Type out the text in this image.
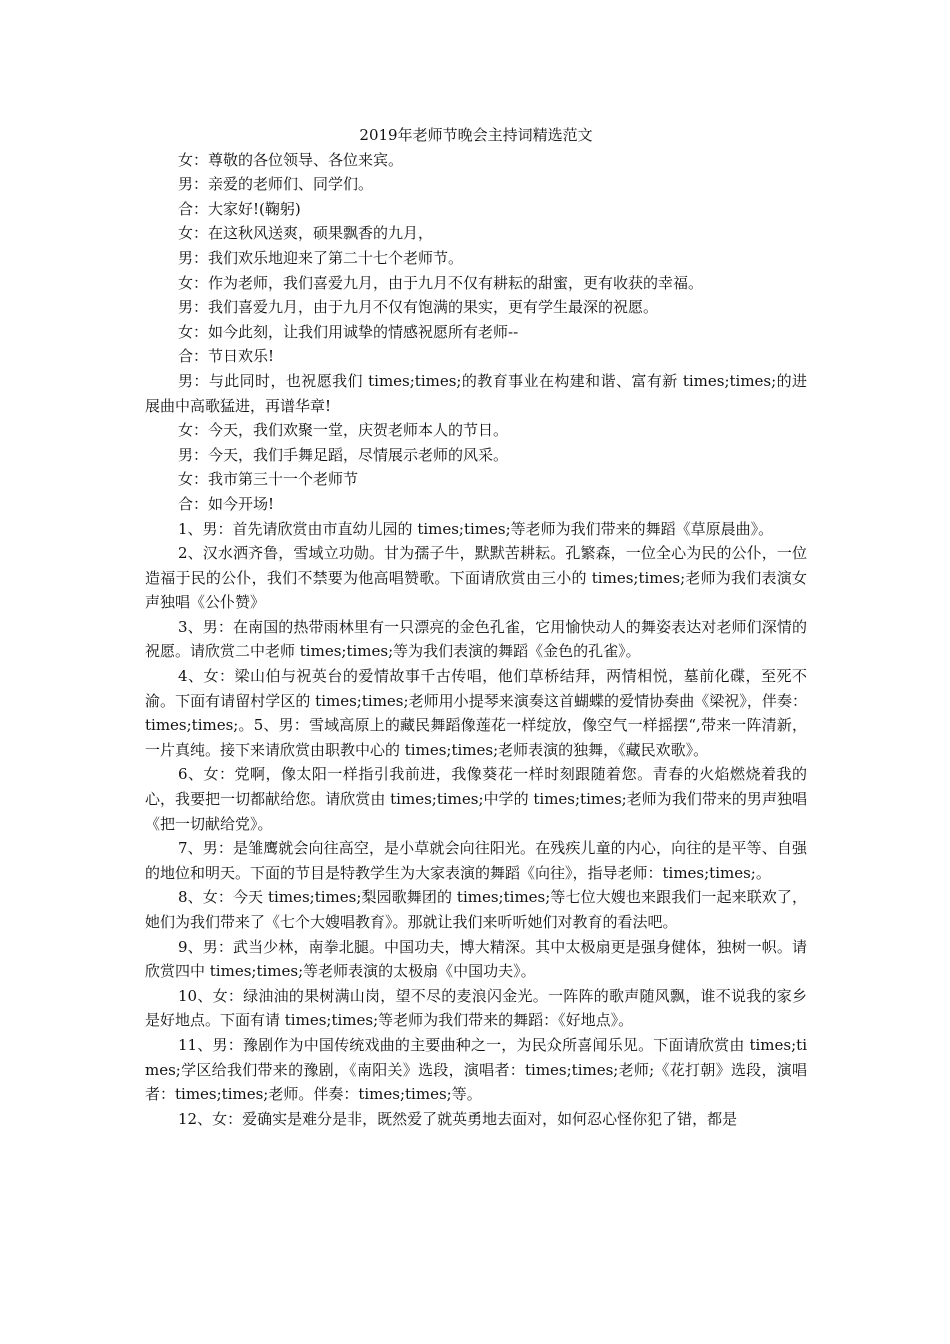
2019年老师节晚会主持词精选范文

女：尊敬的各位领导、各位来宾。

男：亲爱的老师们、同学们。

合：大家好!(鞠躬)

女：在这秋风送爽，硕果飘香的九月，

男：我们欢乐地迎来了第二十七个老师节。

女：作为老师，我们喜爱九月，由于九月不仅有耕耘的甜蜜，更有收获的幸福。

男：我们喜爱九月，由于九月不仅有饱满的果实，更有学生最深的祝愿。

女：如今此刻，让我们用诚挚的情感祝愿所有老师--

合：节日欢乐!

男：与此同时，也祝愿我们 times;times;的教育事业在构建和谐、富有新 times;times;的进展曲中高歌猛进，再谱华章!

女：今天，我们欢聚一堂，庆贺老师本人的节日。

男：今天，我们手舞足蹈，尽情展示老师的风采。

女：我市第三十一个老师节

合：如今开场!

1、男：首先请欣赏由市直幼儿园的 times;times;等老师为我们带来的舞蹈《草原晨曲》。

2、汉水洒齐鲁，雪域立功勋。甘为孺子牛，默默苦耕耘。孔繁森，一位全心为民的公仆，一位造福于民的公仆，我们不禁要为他高唱赞歌。下面请欣赏由三小的 times;times;老师为我们表演女声独唱《公仆赞》

3、男：在南国的热带雨林里有一只漂亮的金色孔雀，它用愉快动人的舞姿表达对老师们深情的祝愿。请欣赏二中老师 times;times;等为我们表演的舞蹈《金色的孔雀》。

4、女：梁山伯与祝英台的爱情故事千古传唱，他们草桥结拜，两情相悦，墓前化碟，至死不渝。下面有请留村学区的 times;times;老师用小提琴来演奏这首蝴蝶的爱情协奏曲《梁祝》，伴奏：times;times;。5、男：雪域高原上的藏民舞蹈像莲花一样绽放，像空气一样摇摆“,带来一阵清新，一片真纯。接下来请欣赏由职教中心的 times;times;老师表演的独舞，《藏民欢歌》。

6、女：党啊，像太阳一样指引我前进，我像葵花一样时刻跟随着您。青春的火焰燃烧着我的心，我要把一切都献给您。请欣赏由 times;times;中学的 times;times;老师为我们带来的男声独唱《把一切献给党》。

7、男：是雏鹰就会向往高空，是小草就会向往阳光。在残疾儿童的内心，向往的是平等、自强的地位和明天。下面的节目是特教学生为大家表演的舞蹈《向往》，指导老师：times;times;。

8、女：今天 times;times;梨园歌舞团的 times;times;等七位大嫂也来跟我们一起来联欢了，她们为我们带来了《七个大嫂唱教育》。那就让我们来听听她们对教育的看法吧。

9、男：武当少林，南拳北腿。中国功夫，博大精深。其中太极扇更是强身健体，独树一帜。请欣赏四中 times;times;等老师表演的太极扇《中国功夫》。

10、女：绿油油的果树满山岗，望不尽的麦浪闪金光。一阵阵的歌声随风飘，谁不说我的家乡是好地点。下面有请 times;times;等老师为我们带来的舞蹈：《好地点》。

11、男：豫剧作为中国传统戏曲的主要曲种之一，为民众所喜闻乐见。下面请欣赏由 times;times;学区给我们带来的豫剧，《南阳关》选段，演唱者：times;times;老师;《花打朝》选段，演唱者：times;times;老师。伴奏：times;times;等。

12、女：爱确实是难分是非，既然爱了就英勇地去面对，如何忍心怪你犯了错，都是
